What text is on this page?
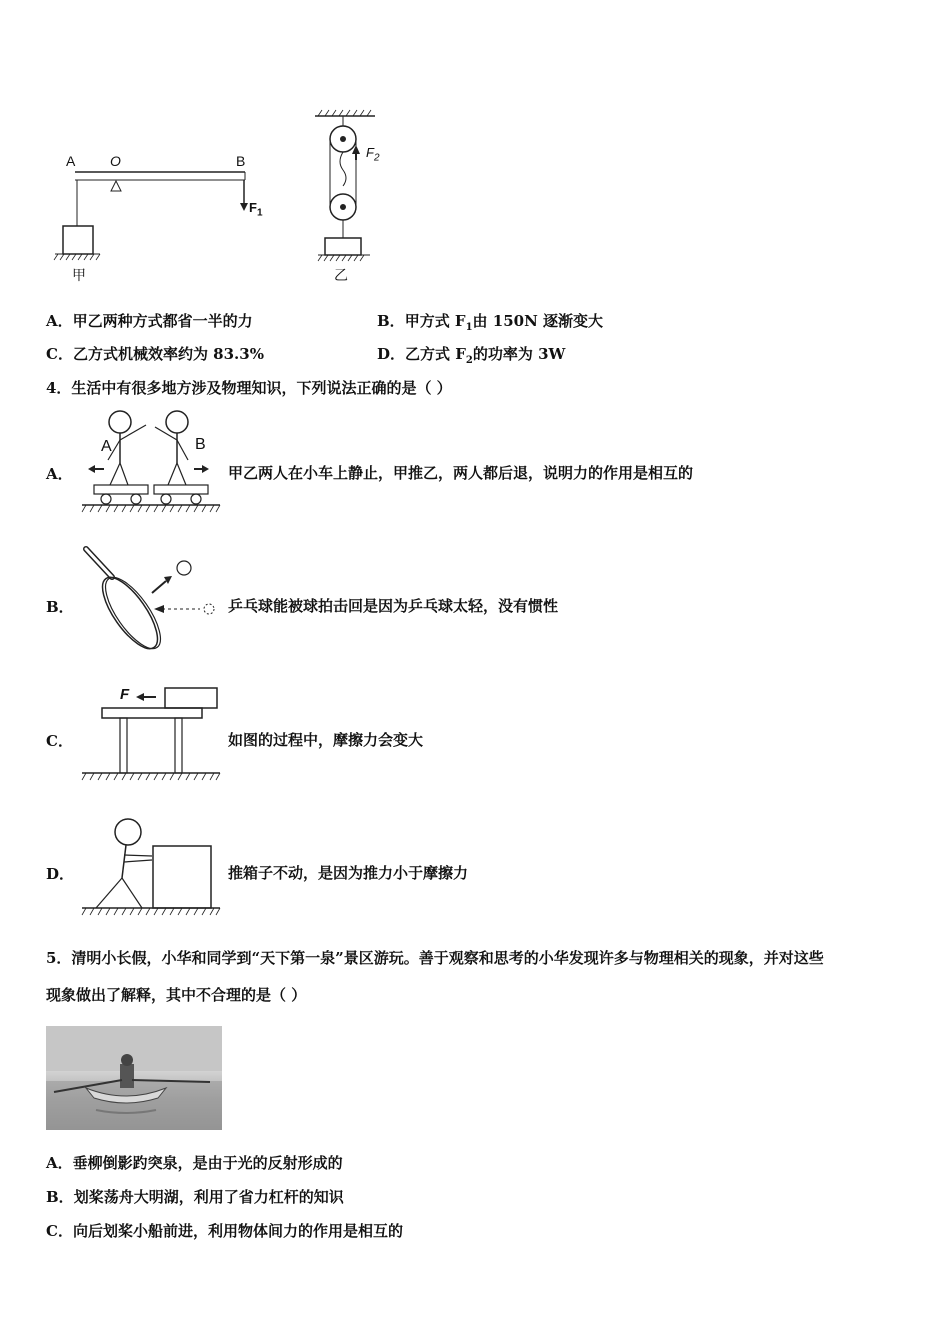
A O	B
$F_1$
甲
$F_2$
乙
A．甲乙两种方式都省一半的力	B．甲方式 $F_1$由 150N 逐渐变大
C．乙方式机械效率约为 83.3%	D．乙方式 $F_2$的功率为 3W
4．生活中有很多地方涉及物理知识，下列说法正确的是（ ）
A	B
A．	甲乙两人在小车上静止，甲推乙，两人都后退，说明力的作用是相互的
B．	乒乓球能被球拍击回是因为乒乓球太轻，没有惯性
F
C．	如图的过程中，摩擦力会变大
D．	推箱子不动，是因为推力小于摩擦力
5．清明小长假，小华和同学到“天下第一泉”景区游玩。善于观察和思考的小华发现许多与物理相关的现象，并对这些
现象做出了解释，其中不合理的是（ ）
A．垂柳倒影趵突泉，是由于光的反射形成的
B．划桨荡舟大明湖，利用了省力杠杆的知识
C．向后划桨小船前进，利用物体间力的作用是相互的
